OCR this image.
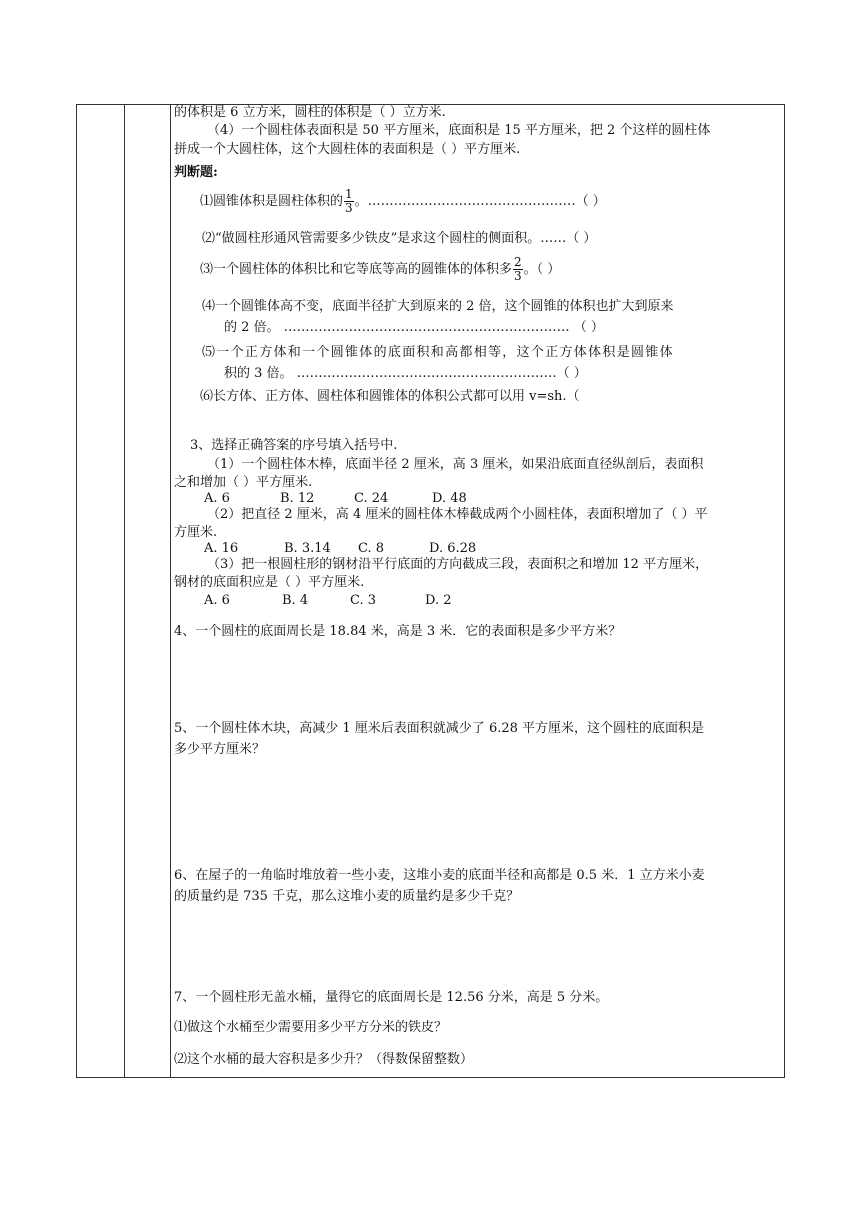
的体积是 6 立方米，圆柱的体积是（ ）立方米.
（4）一个圆柱体表面积是 50 平方厘米，底面积是 15 平方厘米，把 2 个这样的圆柱体
拼成一个大圆柱体，这个大圆柱体的表面积是（ ）平方厘米.
判断题:
⑴圆锥体积是圆柱体积的 $\frac{1}{3}$ 。…………………………………………（ ）
⑵“做圆柱形通风管需要多少铁皮”是求这个圆柱的侧面积。……（ ）
⑶一个圆柱体的体积比和它等底等高的圆锥体的体积多 $\frac{2}{3}$ 。（ ）
⑷一个圆锥体高不变，底面半径扩大到原来的 2 倍，这个圆锥的体积也扩大到原来
的 2 倍。 ………………………………………………………… （ ）
⑸一个正方体和一个圆锥体的底面积和高都相等，这个正方体体积是圆锥体
积的 3 倍。 ……………………………………………………（ ）
⑹长方体、正方体、圆柱体和圆锥体的体积公式都可以用 v=sh.（
3、选择正确答案的序号填入括号中.
（1）一个圆柱体木棒，底面半径 2 厘米，高 3 厘米，如果沿底面直径纵剖后，表面积
之和增加（ ）平方厘米.
A. 6	B. 12	C. 24	D. 48
（2）把直径 2 厘米，高 4 厘米的圆柱体木棒截成两个小圆柱体，表面积增加了（ ）平
方厘米.
A. 16	B. 3.14 C. 8	D. 6.28
（3）把一根圆柱形的钢材沿平行底面的方向截成三段，表面积之和增加 12 平方厘米，
钢材的底面积应是（ ）平方厘米.
A. 6	B. 4	C. 3	D. 2
4、一个圆柱的底面周长是 18.84 米，高是 3 米．它的表面积是多少平方米？
5、一个圆柱体木块，高减少 1 厘米后表面积就减少了 6.28 平方厘米，这个圆柱的底面积是
多少平方厘米？
6、在屋子的一角临时堆放着一些小麦，这堆小麦的底面半径和高都是 0.5 米．1 立方米小麦
的质量约是 735 千克，那么这堆小麦的质量约是多少千克？
7、一个圆柱形无盖水桶，量得它的底面周长是 12.56 分米，高是 5 分米。
⑴做这个水桶至少需要用多少平方分米的铁皮？
⑵这个水桶的最大容积是多少升？（得数保留整数）
